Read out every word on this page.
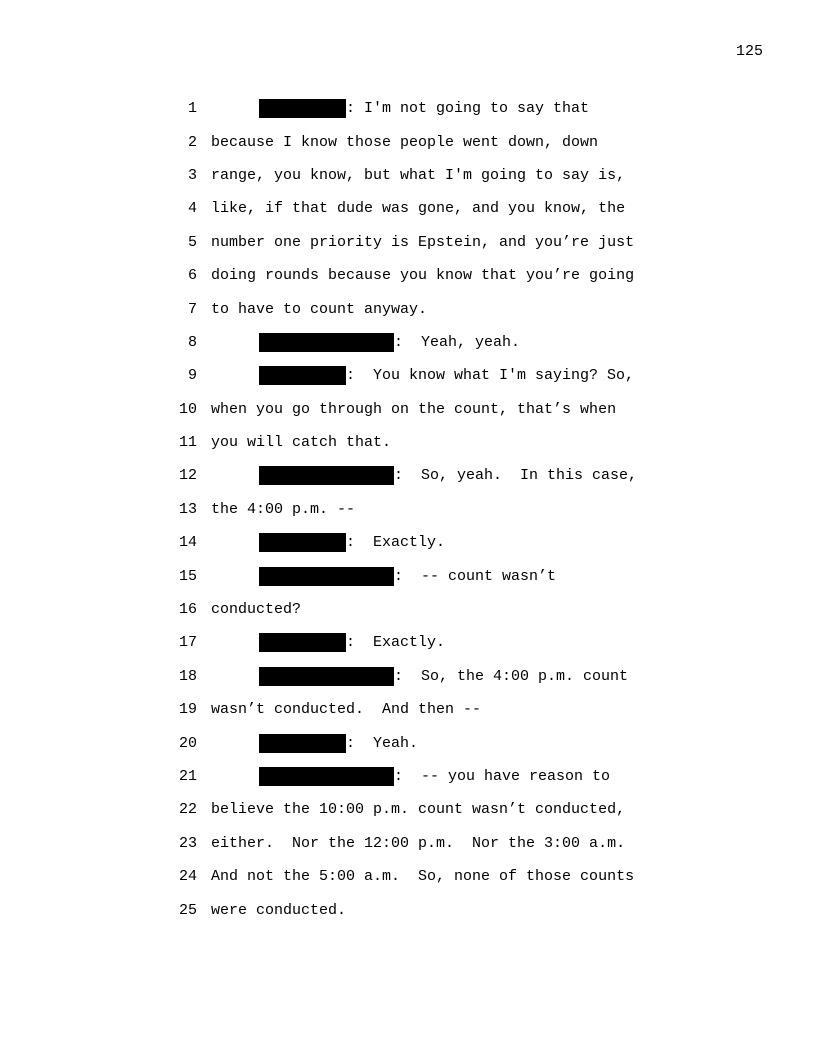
125
1	: I'm not going to say that
2 because I know those people went down, down
3 range, you know, but what I'm going to say is,
4 like, if that dude was gone, and you know, the
5 number one priority is Epstein, and you’re just
6 doing rounds because you know that you’re going
7 to have to count anyway.
8	:  Yeah, yeah.
9	:  You know what I'm saying? So,
10 when you go through on the count, that’s when
11 you will catch that.
12	:  So, yeah.  In this case,
13 the 4:00 p.m. --
14	:  Exactly.
15	:  -- count wasn’t
16 conducted?
17	:  Exactly.
18	:  So, the 4:00 p.m. count
19 wasn’t conducted.  And then --
20	:  Yeah.
21	:  -- you have reason to
22 believe the 10:00 p.m. count wasn’t conducted,
23 either.  Nor the 12:00 p.m.  Nor the 3:00 a.m.
24 And not the 5:00 a.m.  So, none of those counts
25 were conducted.
